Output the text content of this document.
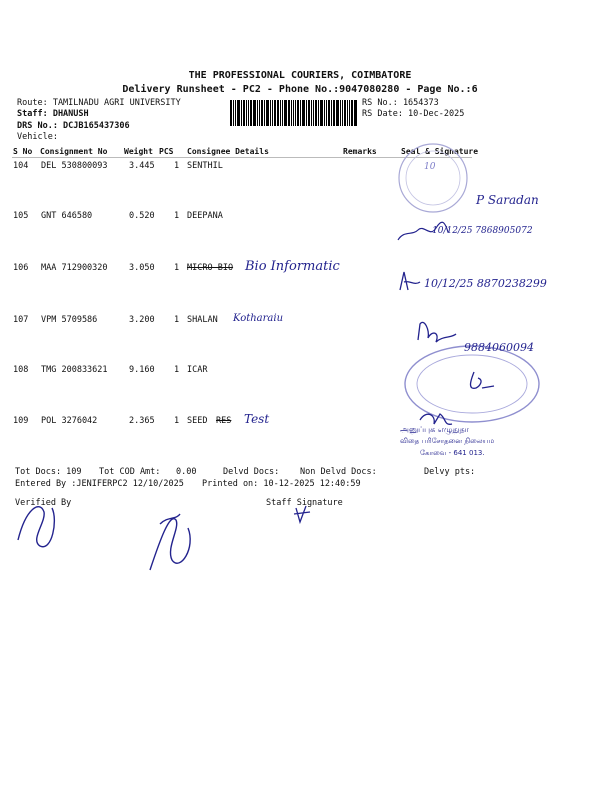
THE PROFESSIONAL COURIERS, COIMBATORE
Delivery Runsheet - PC2 - Phone No.:9047080280 - Page No.:6
Route: TAMILNADU AGRI UNIVERSITY
Staff: DHANUSH
DRS No.: DCJB165437306
Vehicle:
RS No.: 1654373
RS Date: 10-Dec-2025
S No Consignment No Weight PCS Consignee Details	Remarks	Seal & Signature
104 DEL 530800093	3.445 1 SENTHIL
105 GNT 646580	0.520 1 DEEPANA
106 MAA 712900320	3.050 1 MICRO BIO Bio Informatic
107 VPM 5709586	3.200 1 SHALAN Kotharaiu
108 TMG 200833621	9.160 1 ICAR
109 POL 3276042	2.365 1 SEED RES Test
10
P Saradan
10/12/25 7868905072
10/12/25 8870238299
9884060094
அனுப்புக எழுதுதா
விதை பரிசோதனை நிலையம
கோவை - 641 013.
Tot Docs: 109 Tot COD Amt: 0.00	Delvd Docs: Non Delvd Docs:	Delvy pts:
Entered By :JENIFERPC2 12/10/2025 Printed on: 10-12-2025 12:40:59
Verified By	Staff Signature
